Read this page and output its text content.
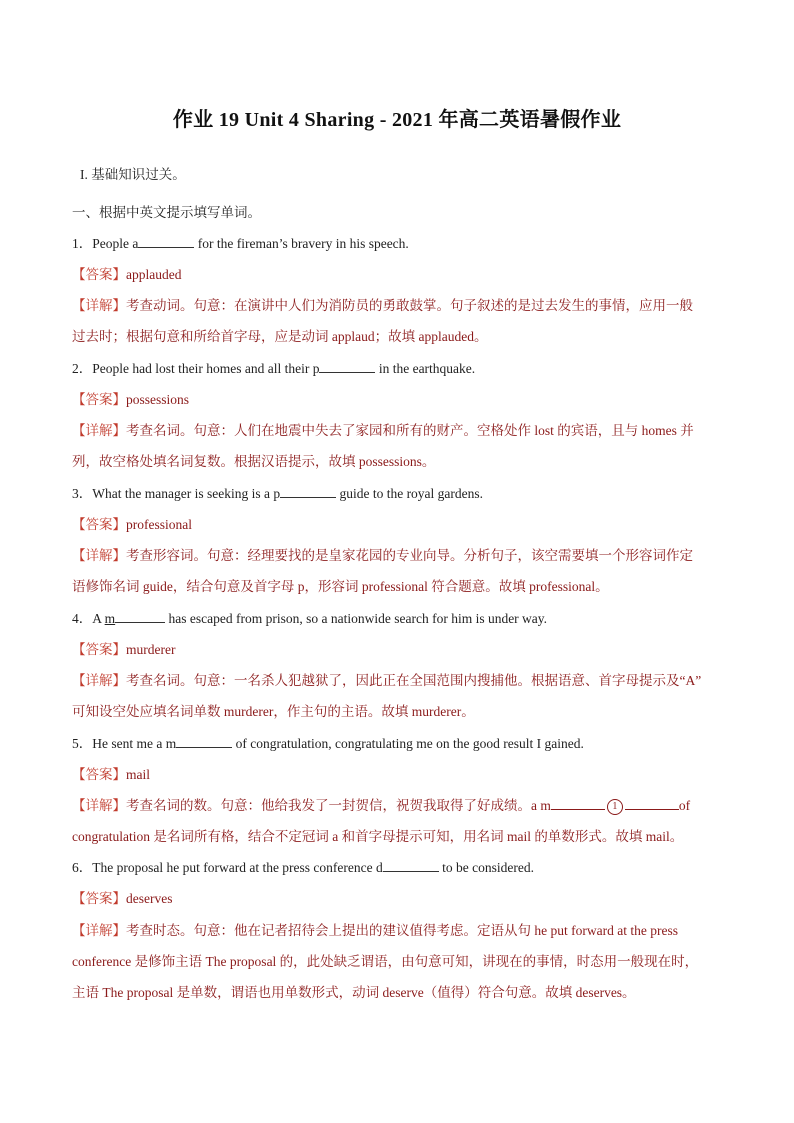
作业 19 Unit 4 Sharing - 2021 年高二英语暑假作业
I. 基础知识过关。
一、根据中英文提示填写单词。
1．People a	for the fireman’s bravery in his speech.
【答案】applauded
【详解】考查动词。句意：在演讲中人们为消防员的勇敢鼓掌。句子叙述的是过去发生的事情，应用一般
过去时；根据句意和所给首字母，应是动词 applaud；故填 applauded。
2．People had lost their homes and all their p	in the earthquake.
【答案】possessions
【详解】考查名词。句意：人们在地震中失去了家园和所有的财产。空格处作 lost 的宾语，且与 homes 并
列，故空格处填名词复数。根据汉语提示，故填 possessions。
3．What the manager is seeking is a p	guide to the royal gardens.
【答案】professional
【详解】考查形容词。句意：经理要找的是皇家花园的专业向导。分析句子，该空需要填一个形容词作定
语修饰名词 guide，结合句意及首字母 p，形容词 professional 符合题意。故填 professional。
4．A m	has escaped from prison, so a nationwide search for him is under way.
【答案】murderer
【详解】考查名词。句意：一名杀人犯越狱了，因此正在全国范围内搜捕他。根据语意、首字母提示及“A”
可知设空处应填名词单数 murderer，作主句的主语。故填 murderer。
5．He sent me a m	of congratulation, congratulating me on the good result I gained.
【答案】mail
【详解】考查名词的数。句意：他给我发了一封贺信，祝贺我取得了好成绩。a m	1	of
congratulation 是名词所有格，结合不定冠词 a 和首字母提示可知，用名词 mail 的单数形式。故填 mail。
6．The proposal he put forward at the press conference d	to be considered.
【答案】deserves
【详解】考查时态。句意：他在记者招待会上提出的建议值得考虑。定语从句 he put forward at the press
conference 是修饰主语 The proposal 的，此处缺乏谓语，由句意可知，讲现在的事情，时态用一般现在时，
主语 The proposal 是单数，谓语也用单数形式，动词 deserve（值得）符合句意。故填 deserves。
